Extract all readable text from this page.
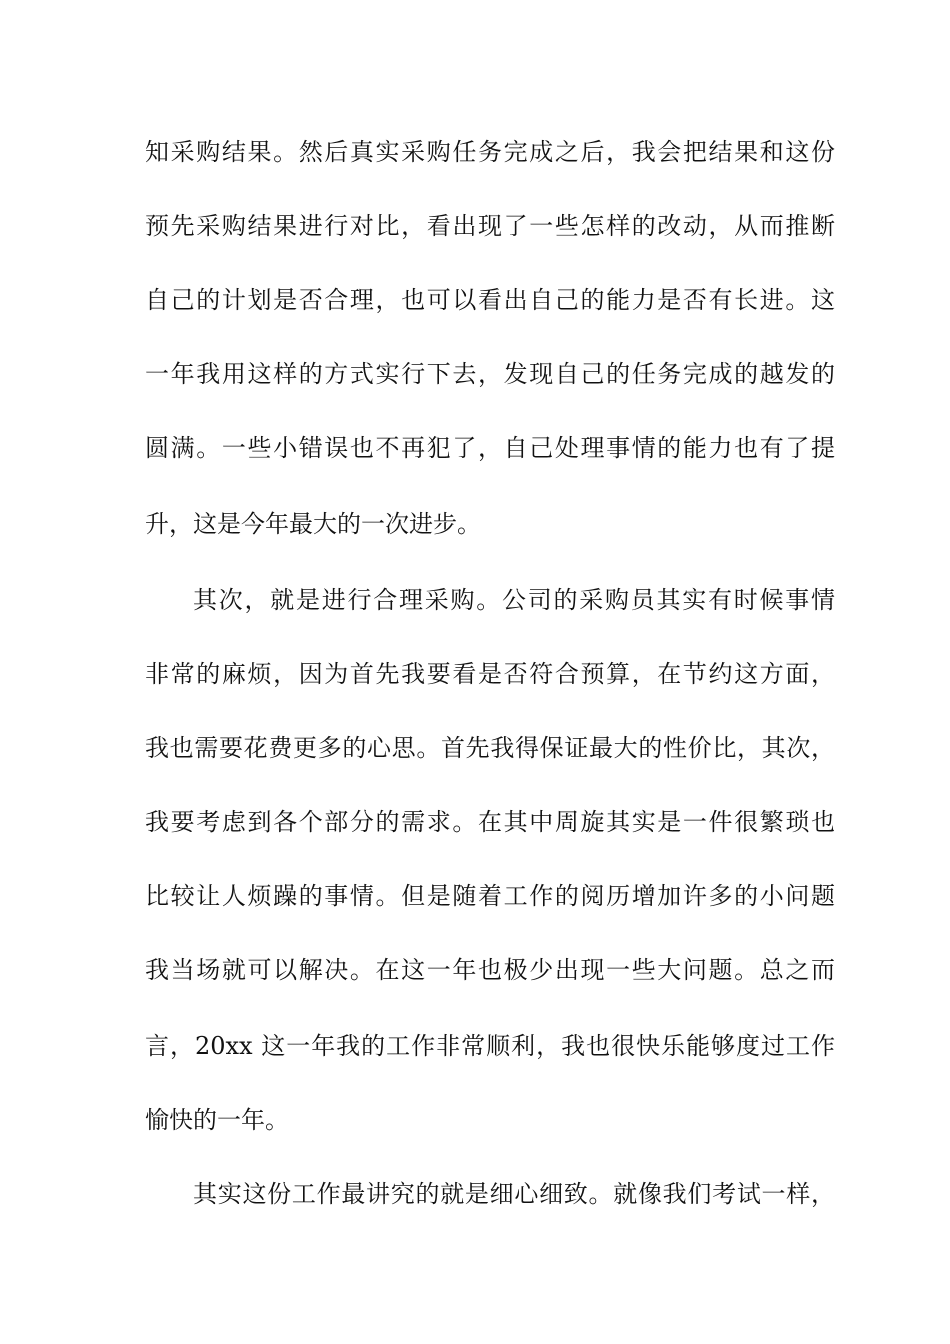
知采购结果。然后真实采购任务完成之后，我会把结果和这份
预先采购结果进行对比，看出现了一些怎样的改动，从而推断
自己的计划是否合理，也可以看出自己的能力是否有长进。这
一年我用这样的方式实行下去，发现自己的任务完成的越发的
圆满。一些小错误也不再犯了，自己处理事情的能力也有了提
升，这是今年最大的一次进步。
其次，就是进行合理采购。公司的采购员其实有时候事情
非常的麻烦，因为首先我要看是否符合预算，在节约这方面，
我也需要花费更多的心思。首先我得保证最大的性价比，其次，
我要考虑到各个部分的需求。在其中周旋其实是一件很繁琐也
比较让人烦躁的事情。但是随着工作的阅历增加许多的小问题
我当场就可以解决。在这一年也极少出现一些大问题。总之而
言，20xx 这一年我的工作非常顺利，我也很快乐能够度过工作
愉快的一年。
其实这份工作最讲究的就是细心细致。就像我们考试一样，
